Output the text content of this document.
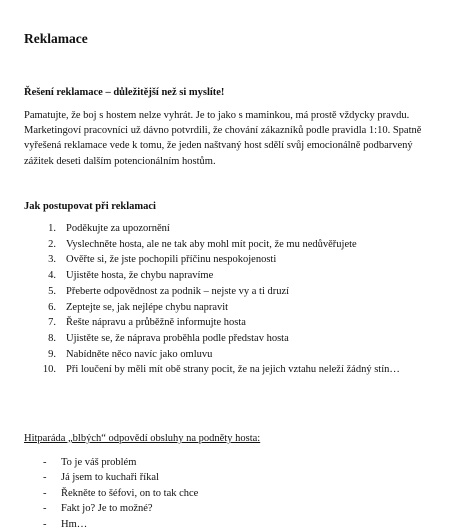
Reklamace

Řešení reklamace – důležitější než si myslíte!

Pamatujte, že boj s hostem nelze vyhrát. Je to jako s maminkou, má prostě vždycky pravdu. Marketingoví pracovníci už dávno potvrdili, že chování zákazníků podle pravidla 1:10. Spatně vyřešená reklamace vede k tomu, že jeden naštvaný host sdělí svůj emocionálně podbarvený zážitek deseti dalším potencionálním hostům.

Jak postupovat při reklamaci

1. Poděkujte za upozornění
2. Vyslechněte hosta, ale ne tak aby mohl mít pocit, že mu nedůvěřujete
3. Ověřte si, že jste pochopili příčinu nespokojenosti
4. Ujistěte hosta, že chybu napravíme
5. Přeberte odpovědnost za podnik – nejste vy a ti druzí
6. Zeptejte se, jak nejlépe chybu napravit
7. Řešte nápravu a průběžně informujte hosta
8. Ujistěte se, že náprava proběhla podle představ hosta
9. Nabídněte něco navíc jako omluvu
10. Při loučení by měli mít obě strany pocit, že na jejich vztahu neleží žádný stín…

Hitparáda „blbých“ odpovědí obsluhy na podněty hosta:

- To je váš problém
- Já jsem to kuchaři říkal
- Řekněte to šéfovi, on to tak chce
- Fakt jo? Je to možné?
- Hm…
